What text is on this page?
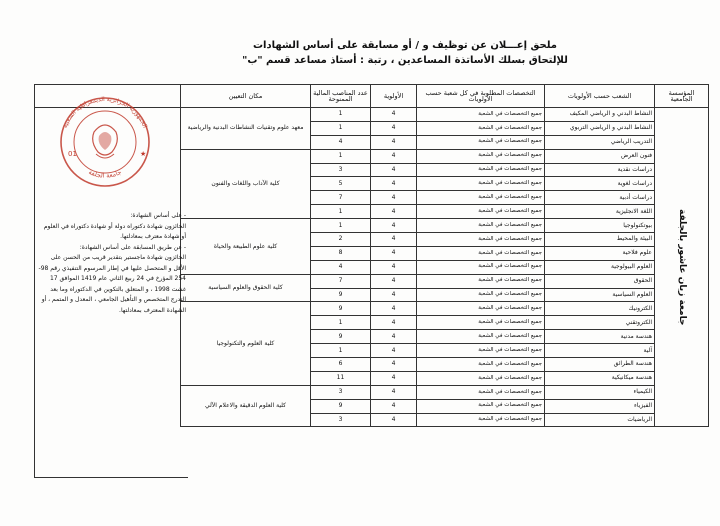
ملحق إعـــلان عن توظيف و / أو مسابقة على أساس الشهادات
للإلتحاق بسلك الأساتذة المساعدين ، رتبة : أستاذ مساعد قسم "ب"
المؤسسة الجامعية	الشعب حسب الأولويات	التخصصات المطلوبة في كل شعبة حسب الأولويات	الأولوية	عدد المناصب المالية الممنوحة	مكان التعيين
جامعة زيان عاشور بالجلفة	النشاط البدني و الرياضي المكيف	جميع التخصصات في الشعبة	4	1	معهد علوم وتقنيات النشاطات البدنية والرياضية
	النشاط البدني و الرياضي التربوي	جميع التخصصات في الشعبة	4	1	
	التدريب الرياضي	جميع التخصصات في الشعبة	4	4	
	فنون العرض	جميع التخصصات في الشعبة	4	1	كلية الآداب واللغات والفنون
	دراسات نقدية	جميع التخصصات في الشعبة	4	3	
	دراسات لغوية	جميع التخصصات في الشعبة	4	5	
	دراسات أدبية	جميع التخصصات في الشعبة	4	7	
	اللغة الانجليزية	جميع التخصصات في الشعبة	4	1	
	بيوتكنولوجيا	جميع التخصصات في الشعبة	4	1	كلية علوم الطبيعة والحياة
	البيئة والمحيط	جميع التخصصات في الشعبة	4	2	
	علوم فلاحية	جميع التخصصات في الشعبة	4	8	
	العلوم البيولوجية	جميع التخصصات في الشعبة	4	4	
	الحقوق	جميع التخصصات في الشعبة	4	7	كلية الحقوق والعلوم السياسية
	العلوم السياسية	جميع التخصصات في الشعبة	4	9	
	الكترونيك	جميع التخصصات في الشعبة	4	9	كلية العلوم والتكنولوجيا
	الكتروتقني	جميع التخصصات في الشعبة	4	1	
	هندسة مدنية	جميع التخصصات في الشعبة	4	9	
	آلية	جميع التخصصات في الشعبة	4	1	
	هندسة الطرائق	جميع التخصصات في الشعبة	4	6	
	هندسة ميكانيكية	جميع التخصصات في الشعبة	4	11	
	الكيمياء	جميع التخصصات في الشعبة	4	3	كلية العلوم الدقيقة والاعلام الآلي
	الفيزياء	جميع التخصصات في الشعبة	4	9	
	الرياضيات	جميع التخصصات في الشعبة	4	3	

- على أساس الشهادة:

الحائزون شهادة دكتوراه دولة أو شهادة دكتوراه في العلوم أو شهادة معترف بمعادلتها.

- عن طريق المسابقة على أساس الشهادة:

الحائزون شهادة ماجستير بتقدير قريب من الحسن على الأقل و المتحصل عليها في إطار المرسوم التنفيذي رقم 98-254 المؤرخ في 24 ربيع الثاني عام 1419 الموافق 17 غشت 1998 ، و المتعلق بالتكوين في الدكتوراه وما بعد التدرج المتخصص و التأهيل الجامعي ، المعدل و المتمم ، أو الشهادة المعترف بمعادلتها.

الجمهورية الجزائرية الديمقراطية الشعبية
جامعة الجلفة
01	★
